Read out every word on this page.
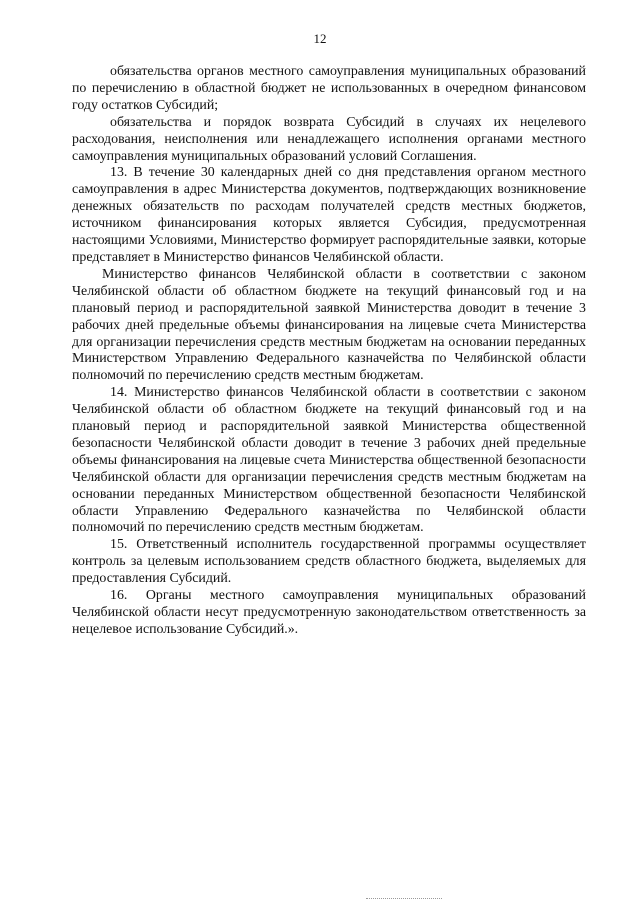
12

обязательства органов местного самоуправления муниципальных образований по перечислению в областной бюджет не использованных в очередном финансовом году остатков Субсидий;

обязательства и порядок возврата Субсидий в случаях их нецелевого расходования, неисполнения или ненадлежащего исполнения органами местного самоуправления муниципальных образований условий Соглашения.

13. В течение 30 календарных дней со дня представления органом местного самоуправления в адрес Министерства документов, подтверждающих возникновение денежных обязательств по расходам получателей средств местных бюджетов, источником финансирования которых является Субсидия, предусмотренная настоящими Условиями, Министерство формирует распорядительные заявки, которые представляет в Министерство финансов Челябинской области.

Министерство финансов Челябинской области в соответствии с законом Челябинской области об областном бюджете на текущий финансовый год и на плановый период и распорядительной заявкой Министерства доводит в течение 3 рабочих дней предельные объемы финансирования на лицевые счета Министерства для организации перечисления средств местным бюджетам на основании переданных Министерством Управлению Федерального казначейства по Челябинской области полномочий по перечислению средств местным бюджетам.

14. Министерство финансов Челябинской области в соответствии с законом Челябинской области об областном бюджете на текущий финансовый год и на плановый период и распорядительной заявкой Министерства общественной безопасности Челябинской области доводит в течение 3 рабочих дней предельные объемы финансирования на лицевые счета Министерства общественной безопасности Челябинской области для организации перечисления средств местным бюджетам на основании переданных Министерством общественной безопасности Челябинской области Управлению Федерального казначейства по Челябинской области полномочий по перечислению средств местным бюджетам.

15. Ответственный исполнитель государственной программы осуществляет контроль за целевым использованием средств областного бюджета, выделяемых для предоставления Субсидий.

16. Органы местного самоуправления муниципальных образований Челябинской области несут предусмотренную законодательством ответственность за нецелевое использование Субсидий.».
